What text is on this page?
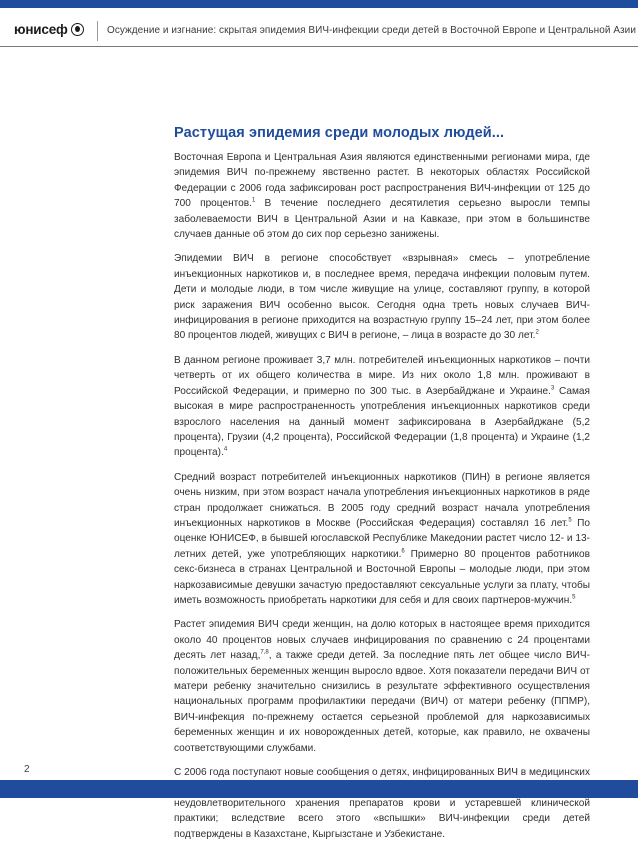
юнисеф	Осуждение и изгнание: скрытая эпидемия ВИЧ-инфекции среди детей в Восточной Европе и Центральной Азии
Растущая эпидемия среди молодых людей...

Восточная Европа и Центральная Азия являются единственными регионами мира, где эпидемия ВИЧ по-прежнему явственно растет. В некоторых областях Российской Федерации с 2006 года зафиксирован рост распространения ВИЧ-инфекции от 125 до 700 процентов.$^1$ В течение последнего десятилетия серьезно выросли темпы заболеваемости ВИЧ в Центральной Азии и на Кавказе, при этом в большинстве случаев данные об этом до сих пор серьезно занижены.

Эпидемии ВИЧ в регионе способствует «взрывная» смесь – употребление инъекционных наркотиков и, в последнее время, передача инфекции половым путем. Дети и молодые люди, в том числе живущие на улице, составляют группу, в которой риск заражения ВИЧ особенно высок. Сегодня одна треть новых случаев ВИЧ-инфицирования в регионе приходится на возрастную группу 15–24 лет, при этом более 80 процентов людей, живущих с ВИЧ в регионе, – лица в возрасте до 30 лет.$^2$

В данном регионе проживает 3,7 млн. потребителей инъекционных наркотиков – почти четверть от их общего количества в мире. Из них около 1,8 млн. проживают в Российской Федерации, и примерно по 300 тыс. в Азербайджане и Украине.$^3$ Самая высокая в мире распространенность употребления инъекционных наркотиков среди взрослого населения на данный момент зафиксирована в Азербайджане (5,2 процента), Грузии (4,2 процента), Российской Федерации (1,8 процента) и Украине (1,2 процента).$^4$

Средний возраст потребителей инъекционных наркотиков (ПИН) в регионе является очень низким, при этом возраст начала употребления инъекционных наркотиков в ряде стран продолжает снижаться. В 2005 году средний возраст начала употребления инъекционных наркотиков в Москве (Российская Федерация) составлял 16 лет.$^5$ По оценке ЮНИСЕФ, в бывшей югославской Республике Македонии растет число 12- и 13-летних детей, уже употребляющих наркотики.$^6$ Примерно 80 процентов работников секс-бизнеса в странах Центральной и Восточной Европы – молодые люди, при этом наркозависимые девушки зачастую предоставляют сексуальные услуги за плату, чтобы иметь возможность приобретать наркотики для себя и для своих партнеров-мужчин.$^5$

Растет эпидемия ВИЧ среди женщин, на долю которых в настоящее время приходится около 40 процентов новых случаев инфицирования по сравнению с 24 процентами десять лет назад,$^{7,8}$, а также среди детей. За последние пять лет общее число ВИЧ-положительных беременных женщин выросло вдвое. Хотя показатели передачи ВИЧ от матери ребенку значительно снизились в результате эффективного осуществления национальных программ профилактики передачи (ВИЧ) от матери ребенку (ППМР), ВИЧ-инфекция по-прежнему остается серьезной проблемой для наркозависимых беременных женщин и их новорожденных детей, которые, как правило, не охвачены соответствующими службами.

С 2006 года поступают новые сообщения о детях, инфицированных ВИЧ в медицинских неудовлетворительного хранения препаратов крови и устаревшей клинической практики; вследствие всего этого «вспышки» ВИЧ-инфекции среди детей подтверждены в Казахстане, Кыргызстане и Узбекистане.

2
